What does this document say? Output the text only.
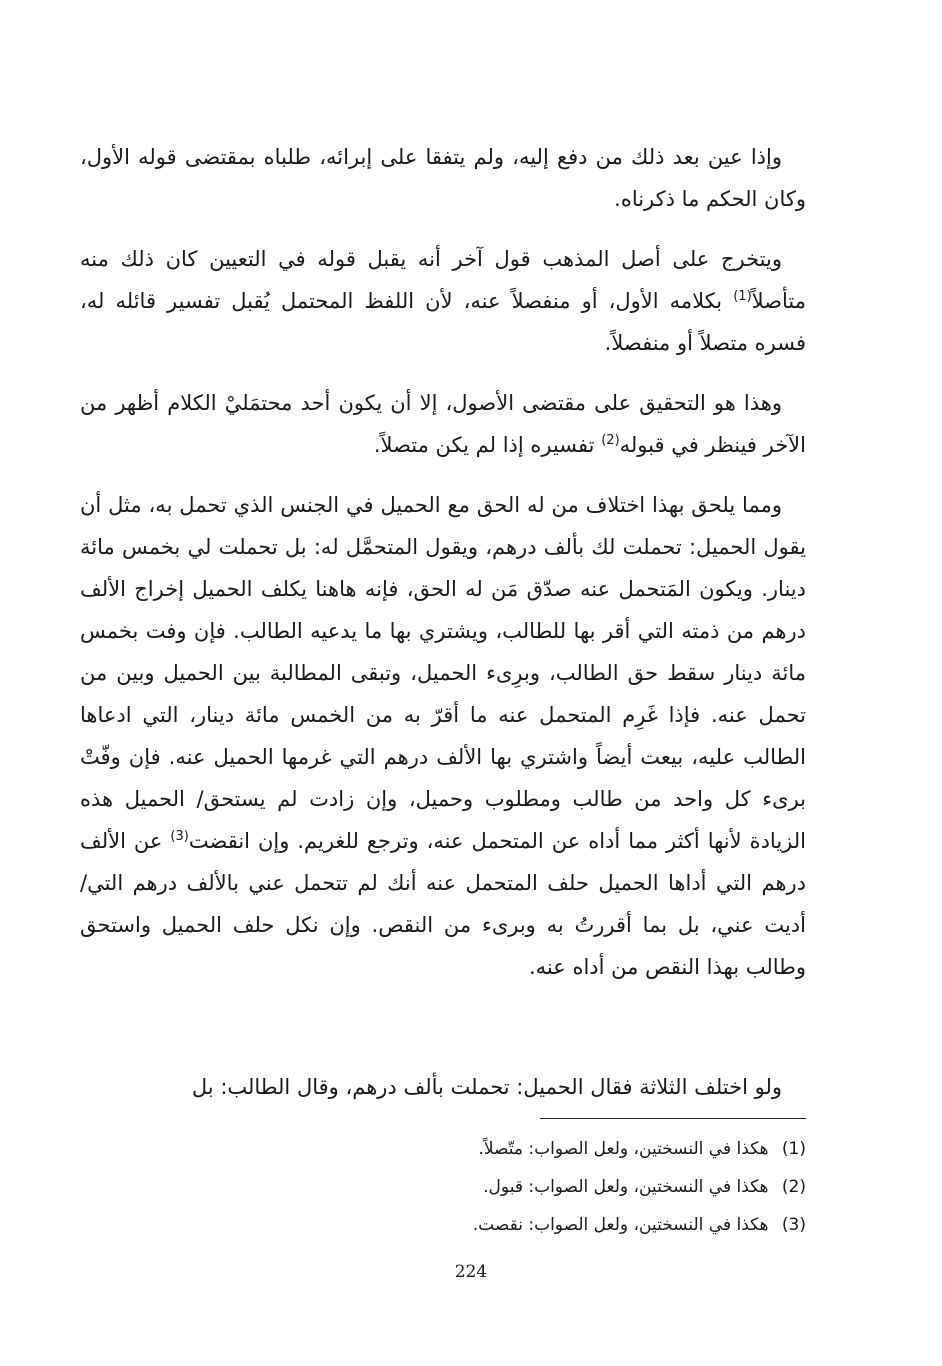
وإذا عين بعد ذلك من دفع إليه، ولم يتفقا على إبرائه، طلباه بمقتضى قوله الأول، وكان الحكم ما ذكرناه.

ويتخرج على أصل المذهب قول آخر أنه يقبل قوله في التعيين كان ذلك منه متأصلاً$^{(1)}$ بكلامه الأول، أو منفصلاً عنه، لأن اللفظ المحتمل يُقبل تفسير قائله له، فسره متصلاً أو منفصلاً.

وهذا هو التحقيق على مقتضى الأصول، إلا أن يكون أحد محتمَليْ الكلام أظهر من الآخر فينظر في قبوله$^{(2)}$ تفسيره إذا لم يكن متصلاً.

ومما يلحق بهذا اختلاف من له الحق مع الحميل في الجنس الذي تحمل به، مثل أن يقول الحميل: تحملت لك بألف درهم، ويقول المتحمَّل له: بل تحملت لي بخمس مائة دينار. ويكون المَتحمل عنه صدّق مَن له الحق، فإنه هاهنا يكلف الحميل إخراج الألف درهم من ذمته التي أقر بها للطالب، ويشتري بها ما يدعيه الطالب. فإن وفت بخمس مائة دينار سقط حق الطالب، وبرِىء الحميل، وتبقى المطالبة بين الحميل وبين من تحمل عنه. فإذا غَرِم المتحمل عنه ما أقرّ به من الخمس مائة دينار، التي ادعاها الطالب عليه، بيعت أيضاً واشتري بها الألف درهم التي غرمها الحميل عنه. فإن وفّتْ برىء كل واحد من طالب ومطلوب وحميل، وإن زادت لم يستحق/ الحميل هذه الزيادة لأنها أكثر مما أداه عن المتحمل عنه، وترجع للغريم. وإن انقضت$^{(3)}$ عن الألف درهم التي أداها الحميل حلف المتحمل عنه أنك لم تتحمل عني بالألف درهم التي/ أديت عني، بل بما أقررتُ به وبرىء من النقص. وإن نكل حلف الحميل واستحق وطالب بهذا النقص من أداه عنه.

ولو اختلف الثلاثة فقال الحميل: تحملت بألف درهم، وقال الطالب: بل

(1) هكذا في النسختين، ولعل الصواب: متّصلاً.
(2) هكذا في النسختين، ولعل الصواب: قبول.
(3) هكذا في النسختين، ولعل الصواب: نقصت.
224
